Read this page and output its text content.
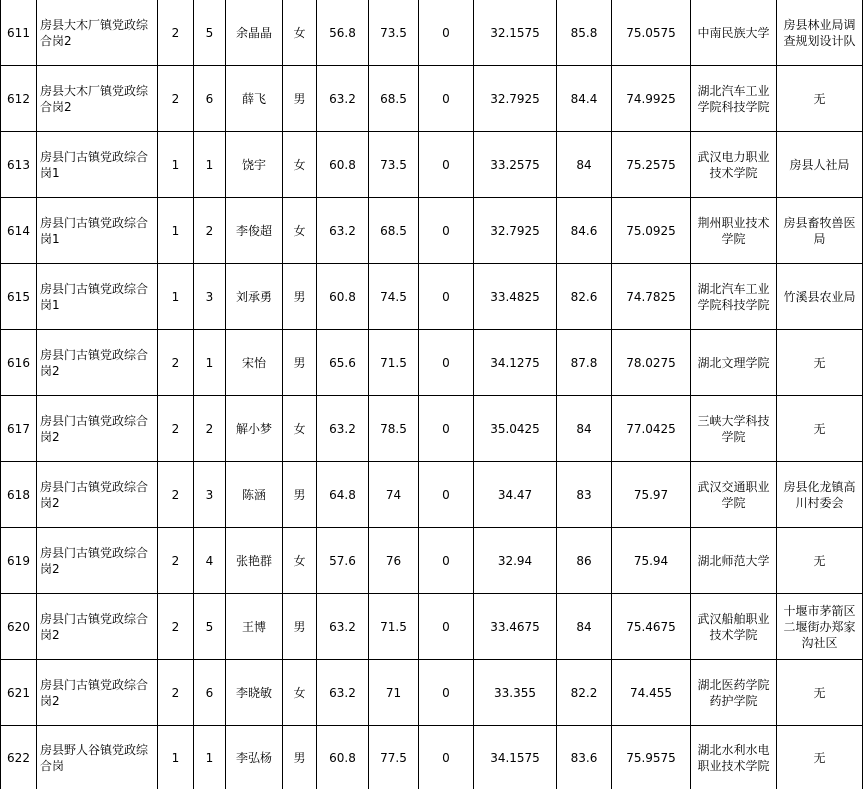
611	房县大木厂镇党政综合岗2	2	5	余晶晶	女	56.8	73.5	0	32.1575	85.8	75.0575	中南民族大学	房县林业局调查规划设计队
612	房县大木厂镇党政综合岗2	2	6	薛飞	男	63.2	68.5	0	32.7925	84.4	74.9925	湖北汽车工业学院科技学院	无
613	房县门古镇党政综合岗1	1	1	饶宇	女	60.8	73.5	0	33.2575	84	75.2575	武汉电力职业技术学院	房县人社局
614	房县门古镇党政综合岗1	1	2	李俊超	女	63.2	68.5	0	32.7925	84.6	75.0925	荆州职业技术学院	房县畜牧兽医局
615	房县门古镇党政综合岗1	1	3	刘承勇	男	60.8	74.5	0	33.4825	82.6	74.7825	湖北汽车工业学院科技学院	竹溪县农业局
616	房县门古镇党政综合岗2	2	1	宋怡	男	65.6	71.5	0	34.1275	87.8	78.0275	湖北文理学院	无
617	房县门古镇党政综合岗2	2	2	解小梦	女	63.2	78.5	0	35.0425	84	77.0425	三峡大学科技学院	无
618	房县门古镇党政综合岗2	2	3	陈涵	男	64.8	74	0	34.47	83	75.97	武汉交通职业学院	房县化龙镇高川村委会
619	房县门古镇党政综合岗2	2	4	张艳群	女	57.6	76	0	32.94	86	75.94	湖北师范大学	无
620	房县门古镇党政综合岗2	2	5	王博	男	63.2	71.5	0	33.4675	84	75.4675	武汉船舶职业技术学院	十堰市茅箭区二堰街办郑家沟社区
621	房县门古镇党政综合岗2	2	6	李晓敏	女	63.2	71	0	33.355	82.2	74.455	湖北医药学院药护学院	无
622	房县野人谷镇党政综合岗	1	1	李弘杨	男	60.8	77.5	0	34.1575	83.6	75.9575	湖北水利水电职业技术学院	无
